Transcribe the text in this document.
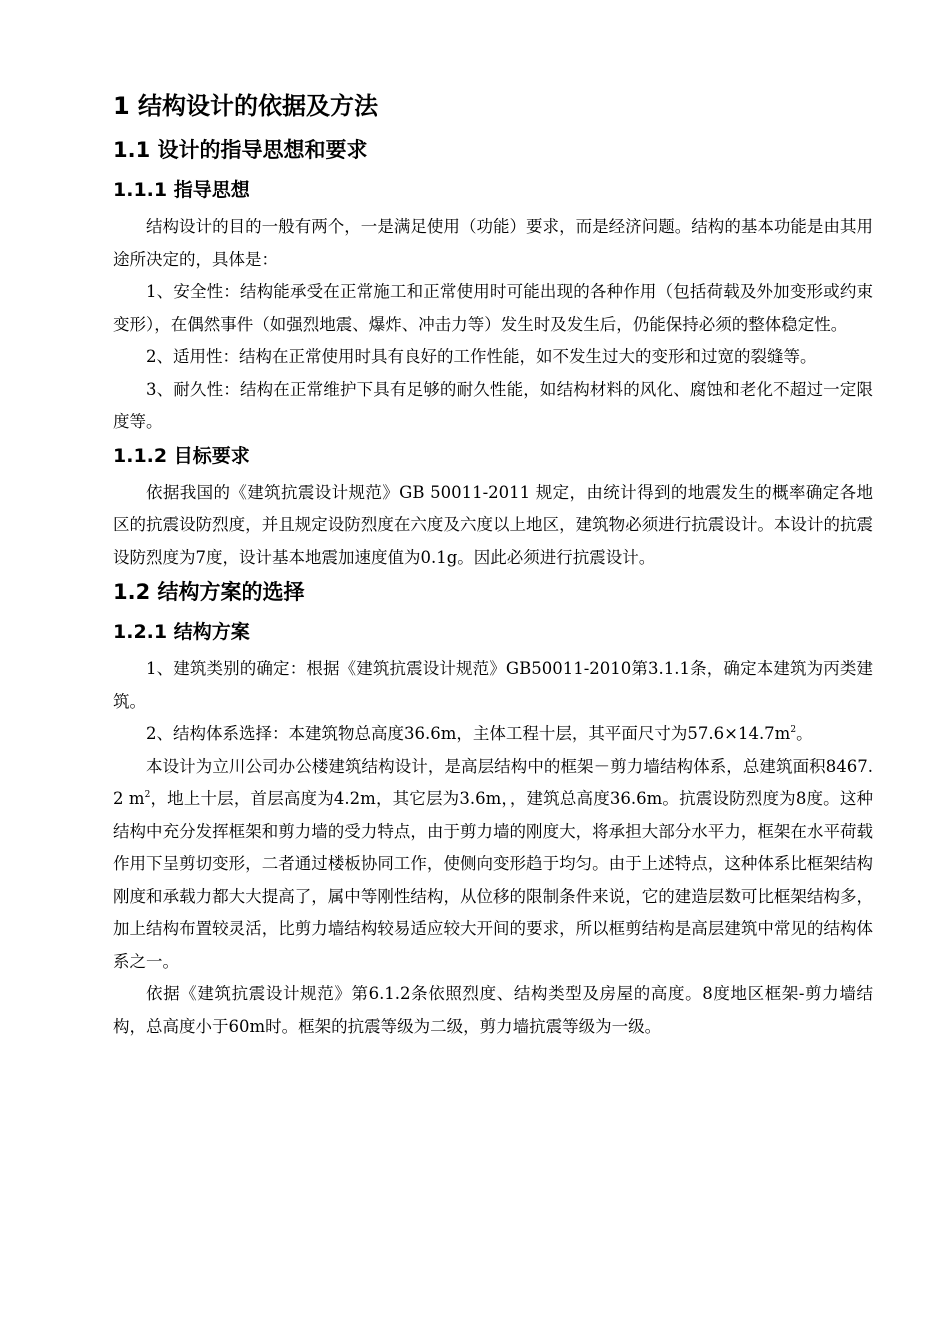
1 结构设计的依据及方法
1.1 设计的指导思想和要求
1.1.1 指导思想

结构设计的目的一般有两个，一是满足使用（功能）要求，而是经济问题。结构的基本功能是由其用途所决定的，具体是：

1、安全性：结构能承受在正常施工和正常使用时可能出现的各种作用（包括荷载及外加变形或约束变形），在偶然事件（如强烈地震、爆炸、冲击力等）发生时及发生后，仍能保持必须的整体稳定性。

2、适用性：结构在正常使用时具有良好的工作性能，如不发生过大的变形和过宽的裂缝等。

3、耐久性：结构在正常维护下具有足够的耐久性能，如结构材料的风化、腐蚀和老化不超过一定限度等。

1.1.2 目标要求

依据我国的《建筑抗震设计规范》GB 50011-2011 规定，由统计得到的地震发生的概率确定各地区的抗震设防烈度，并且规定设防烈度在六度及六度以上地区，建筑物必须进行抗震设计。本设计的抗震设防烈度为7度，设计基本地震加速度值为0.1g。因此必须进行抗震设计。

1.2 结构方案的选择
1.2.1 结构方案

1、建筑类别的确定：根据《建筑抗震设计规范》GB50011-2010第3.1.1条，确定本建筑为丙类建筑。

2、结构体系选择：本建筑物总高度36.6m，主体工程十层，其平面尺寸为$57.6\times 14.7m^2$。

本设计为立川公司办公楼建筑结构设计，是高层结构中的框架－剪力墙结构体系，总建筑面积8467.2 $m^2$，地上十层，首层高度为4.2m，其它层为3.6m，，建筑总高度36.6m。抗震设防烈度为8度。这种结构中充分发挥框架和剪力墙的受力特点，由于剪力墙的刚度大，将承担大部分水平力，框架在水平荷载作用下呈剪切变形，二者通过楼板协同工作，使侧向变形趋于均匀。由于上述特点，这种体系比框架结构刚度和承载力都大大提高了，属中等刚性结构，从位移的限制条件来说，它的建造层数可比框架结构多，加上结构布置较灵活，比剪力墙结构较易适应较大开间的要求，所以框剪结构是高层建筑中常见的结构体系之一。

依据《建筑抗震设计规范》第6.1.2条依照烈度、结构类型及房屋的高度。8度地区框架-剪力墙结构，总高度小于60m时。框架的抗震等级为二级，剪力墙抗震等级为一级。
